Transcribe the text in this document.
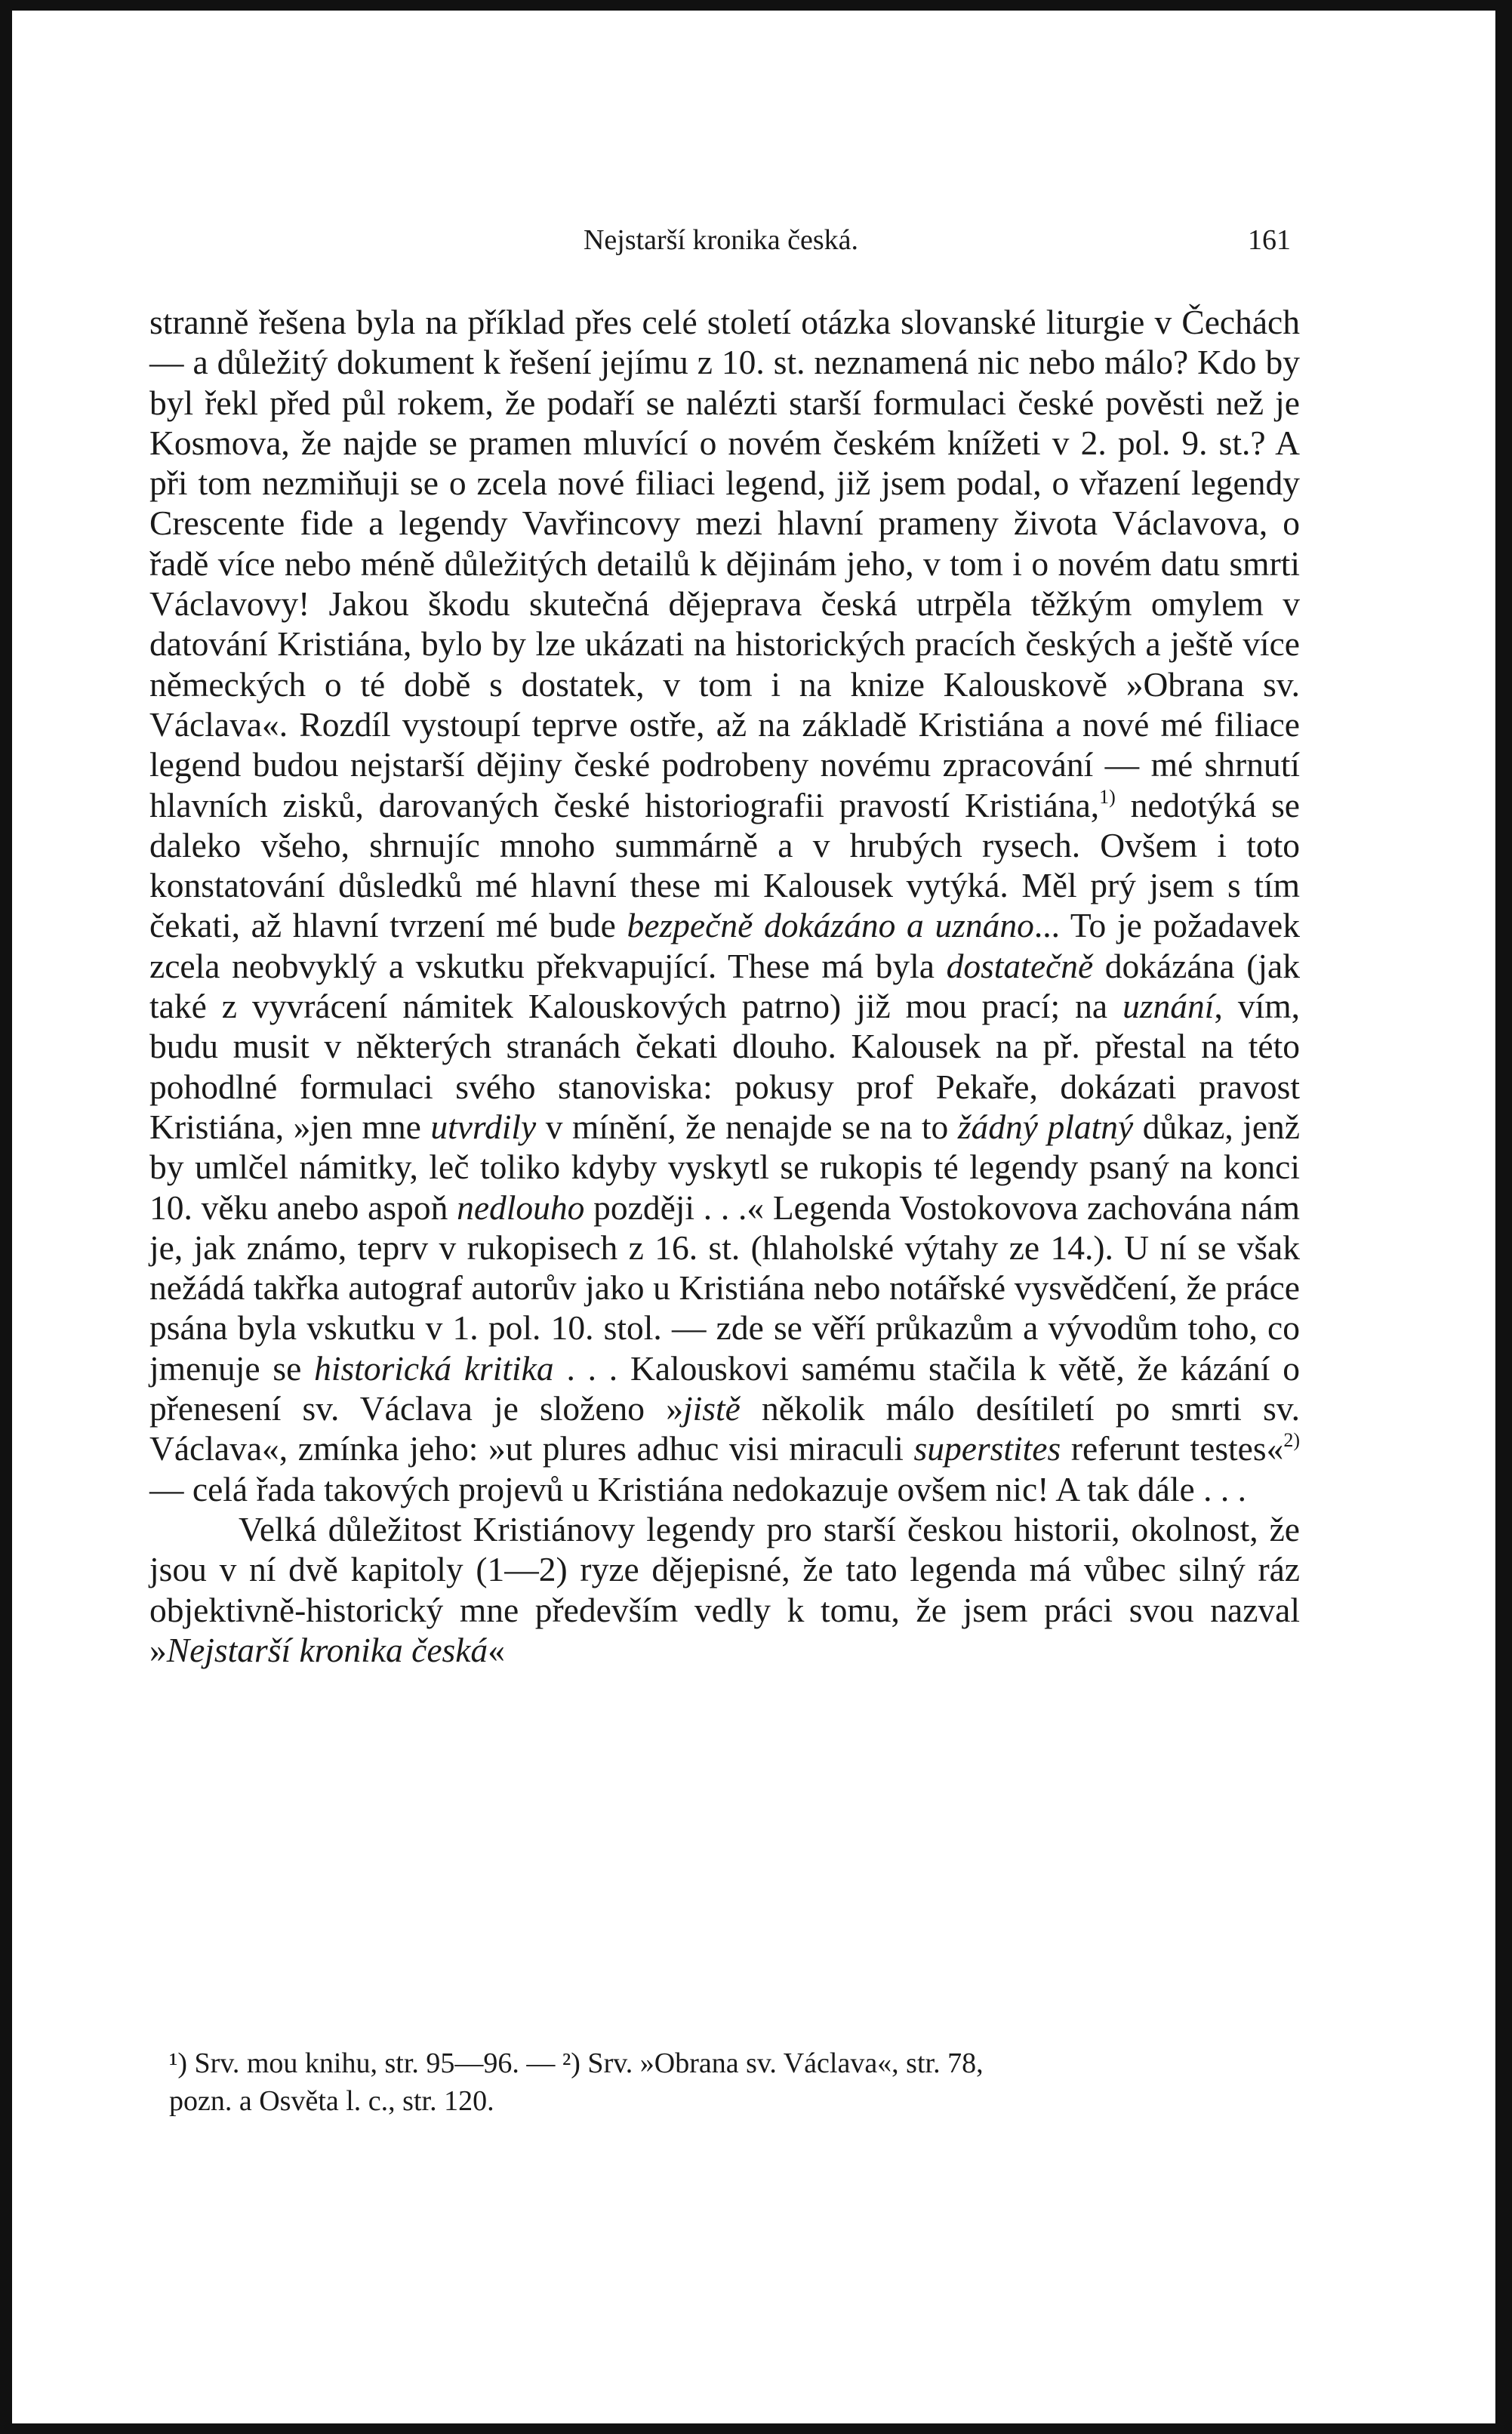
Nejstarší kronika česká.	161

stranně řešena byla na příklad přes celé století otázka slovanské liturgie v Čechách — a důležitý dokument k řešení jejímu z 10. st. neznamená nic nebo málo? Kdo by byl řekl před půl rokem, že podaří se nalézti starší formulaci české pověsti než je Kosmova, že najde se pramen mluvící o novém českém knížeti v 2. pol. 9. st.? A při tom nezmiňuji se o zcela nové filiaci legend, již jsem podal, o vřazení legendy Crescente fide a legendy Vavřincovy mezi hlavní prameny života Václavova, o řadě více nebo méně důležitých detailů k dějinám jeho, v tom i o novém datu smrti Václavovy! Jakou škodu skutečná dějeprava česká utrpěla těžkým omylem v datování Kristiána, bylo by lze ukázati na historických pracích českých a ještě více německých o té době s dostatek, v tom i na knize Kalouskově »Obrana sv. Václava«. Rozdíl vystoupí teprve ostře, až na základě Kristiána a nové mé filiace legend budou nejstarší dějiny české podrobeny novému zpracování — mé shrnutí hlavních zisků, darovaných české historiografii pravostí Kristiána,$^{1)}$ nedotýká se daleko všeho, shrnujíc mnoho summárně a v hrubých rysech. Ovšem i toto konstatování důsledků mé hlavní these mi Kalousek vytýká. Měl prý jsem s tím čekati, až hlavní tvrzení mé bude bezpečně dokázáno a uznáno... To je požadavek zcela neobvyklý a vskutku překvapující. These má byla dostatečně dokázána (jak také z vyvrácení námitek Kalouskových patrno) již mou prací; na uznání, vím, budu musit v některých stranách čekati dlouho. Kalousek na př. přestal na této pohodlné formulaci svého stanoviska: pokusy prof Pekaře, dokázati pravost Kristiána, »jen mne utvrdily v mínění, že nenajde se na to žádný platný důkaz, jenž by umlčel námitky, leč toliko kdyby vyskytl se rukopis té legendy psaný na konci 10. věku anebo aspoň nedlouho později . . .« Legenda Vostokovova zachována nám je, jak známo, teprv v rukopisech z 16. st. (hlaholské výtahy ze 14.). U ní se však nežádá takřka autograf autorův jako u Kristiána nebo notářské vysvědčení, že práce psána byla vskutku v 1. pol. 10. stol. — zde se věří průkazům a vývodům toho, co jmenuje se historická kritika . . . Kalouskovi samému stačila k větě, že kázání o přenesení sv. Václava je složeno »jistě několik málo desítiletí po smrti sv. Václava«, zmínka jeho: »ut plures adhuc visi miraculi superstites referunt testes«$^{2)}$ — celá řada takových projevů u Kristiána nedokazuje ovšem nic! A tak dále . . .

Velká důležitost Kristiánovy legendy pro starší českou historii, okolnost, že jsou v ní dvě kapitoly (1—2) ryze dějepisné, že tato legenda má vůbec silný ráz objektivně-historický mne především vedly k tomu, že jsem práci svou nazval »Nejstarší kronika česká«

¹) Srv. mou knihu, str. 95—96. — ²) Srv. »Obrana sv. Václava«, str. 78,

pozn. a Osvěta l. c., str. 120.
